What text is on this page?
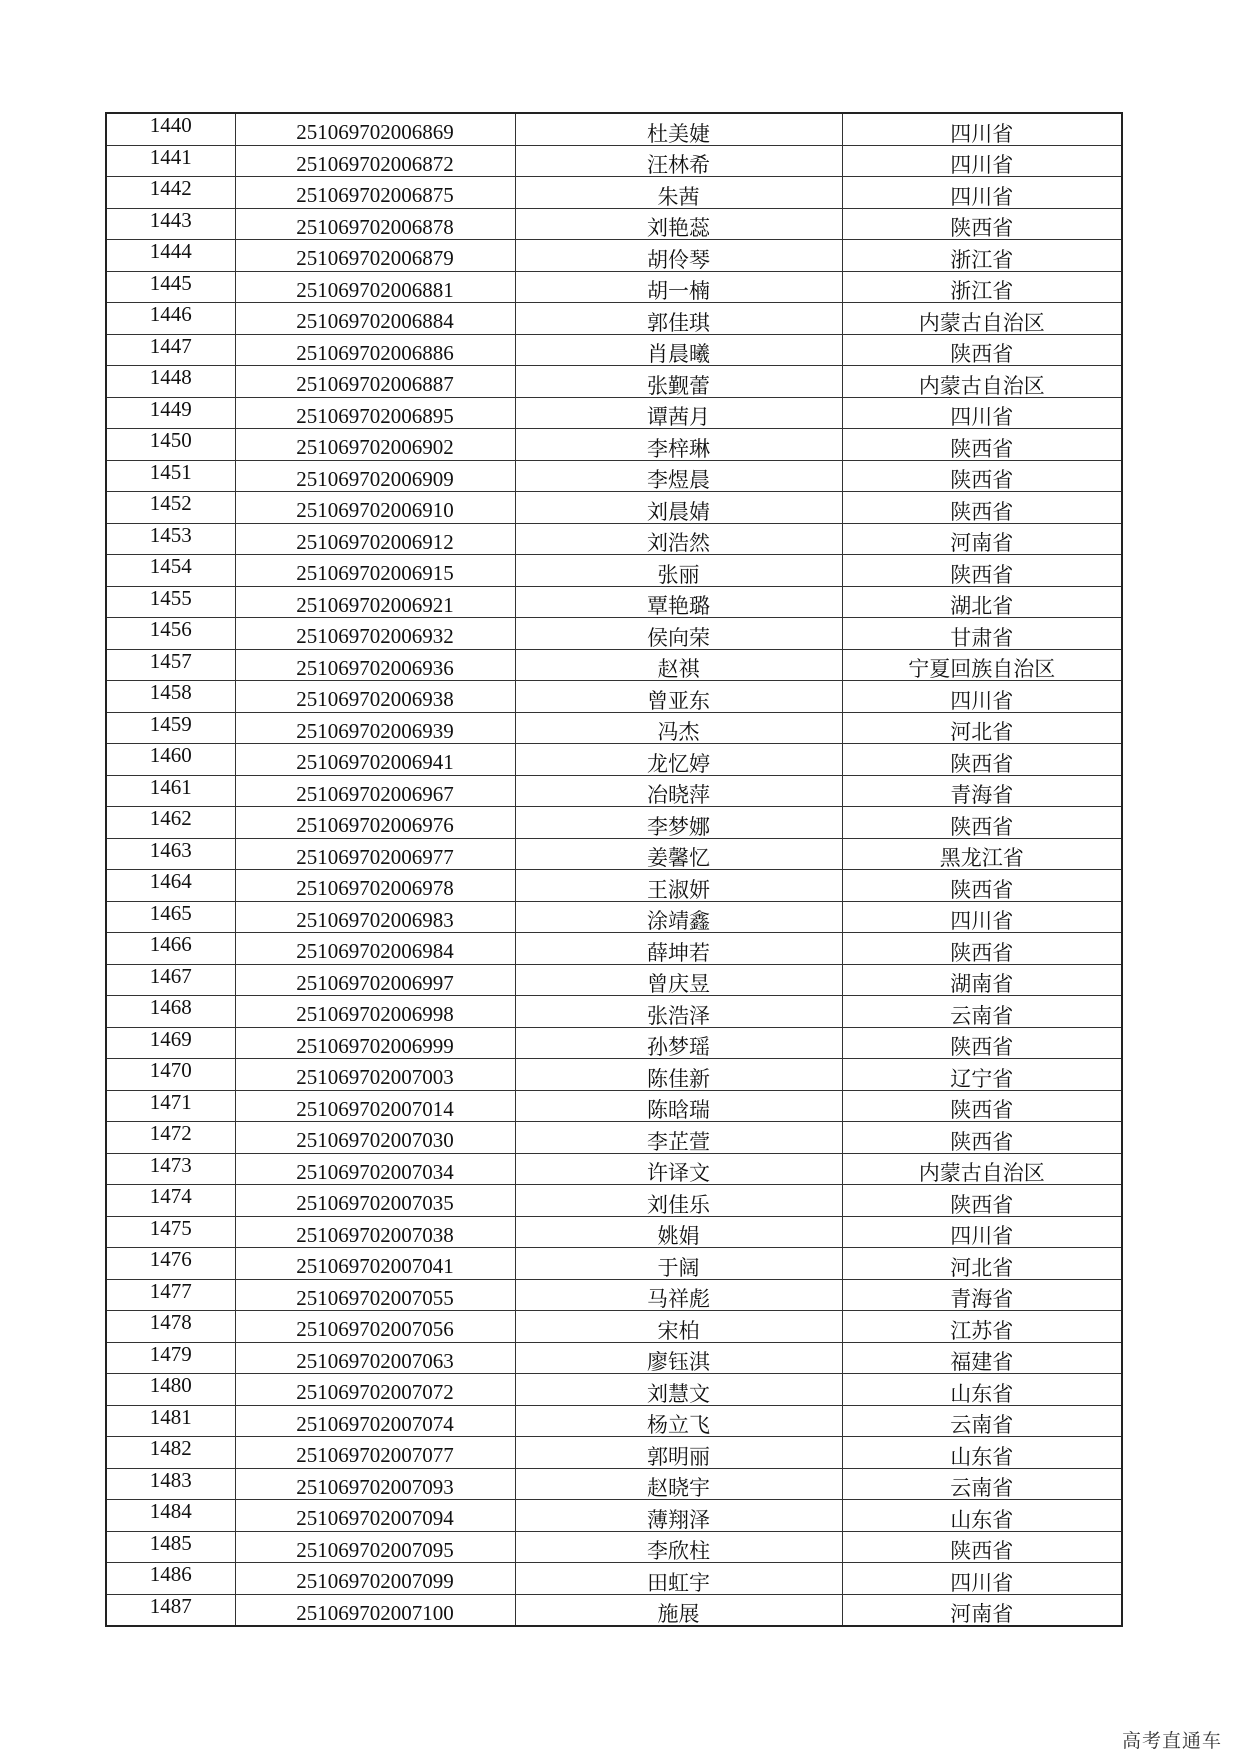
1440	251069702006869	杜美婕	四川省
1441	251069702006872	汪林希	四川省
1442	251069702006875	朱茜	四川省
1443	251069702006878	刘艳蕊	陕西省
1444	251069702006879	胡伶琴	浙江省
1445	251069702006881	胡一楠	浙江省
1446	251069702006884	郭佳琪	内蒙古自治区
1447	251069702006886	肖晨曦	陕西省
1448	251069702006887	张觐蕾	内蒙古自治区
1449	251069702006895	谭茜月	四川省
1450	251069702006902	李梓琳	陕西省
1451	251069702006909	李煜晨	陕西省
1452	251069702006910	刘晨婧	陕西省
1453	251069702006912	刘浩然	河南省
1454	251069702006915	张丽	陕西省
1455	251069702006921	覃艳璐	湖北省
1456	251069702006932	侯向荣	甘肃省
1457	251069702006936	赵祺	宁夏回族自治区
1458	251069702006938	曾亚东	四川省
1459	251069702006939	冯杰	河北省
1460	251069702006941	龙忆婷	陕西省
1461	251069702006967	冶晓萍	青海省
1462	251069702006976	李梦娜	陕西省
1463	251069702006977	姜馨忆	黑龙江省
1464	251069702006978	王淑妍	陕西省
1465	251069702006983	涂靖鑫	四川省
1466	251069702006984	薛坤若	陕西省
1467	251069702006997	曾庆昱	湖南省
1468	251069702006998	张浩泽	云南省
1469	251069702006999	孙梦瑶	陕西省
1470	251069702007003	陈佳新	辽宁省
1471	251069702007014	陈晗瑞	陕西省
1472	251069702007030	李芷萱	陕西省
1473	251069702007034	许译文	内蒙古自治区
1474	251069702007035	刘佳乐	陕西省
1475	251069702007038	姚娟	四川省
1476	251069702007041	于阔	河北省
1477	251069702007055	马祥彪	青海省
1478	251069702007056	宋柏	江苏省
1479	251069702007063	廖钰淇	福建省
1480	251069702007072	刘慧文	山东省
1481	251069702007074	杨立飞	云南省
1482	251069702007077	郭明丽	山东省
1483	251069702007093	赵晓宇	云南省
1484	251069702007094	薄翔泽	山东省
1485	251069702007095	李欣柱	陕西省
1486	251069702007099	田虹宇	四川省
1487	251069702007100	施展	河南省
高考直通车
